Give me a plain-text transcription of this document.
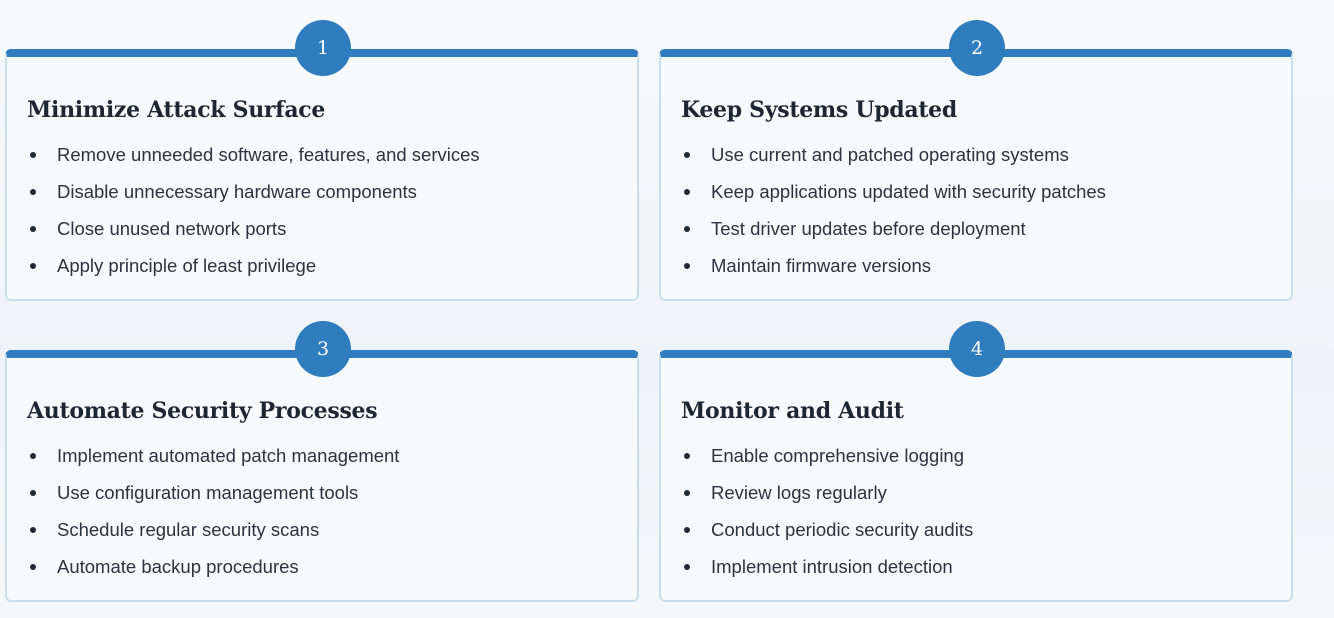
1
Minimize Attack Surface
Remove unneeded software, features, and services
Disable unnecessary hardware components
Close unused network ports
Apply principle of least privilege
2
Keep Systems Updated
Use current and patched operating systems
Keep applications updated with security patches
Test driver updates before deployment
Maintain firmware versions
3
Automate Security Processes
Implement automated patch management
Use configuration management tools
Schedule regular security scans
Automate backup procedures
4
Monitor and Audit
Enable comprehensive logging
Review logs regularly
Conduct periodic security audits
Implement intrusion detection
